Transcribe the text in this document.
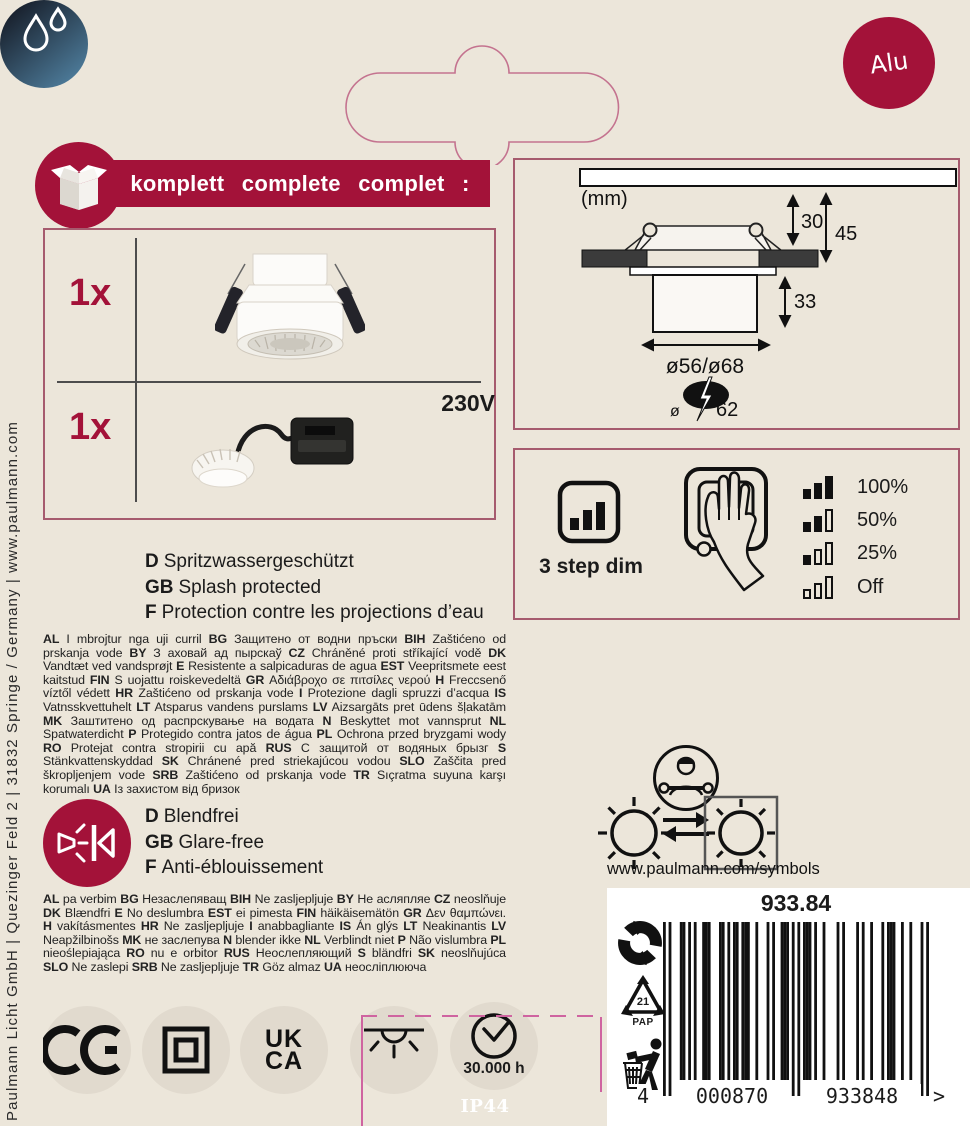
Alu
komplett complete complet :
1x
1x
230V
(mm)
30
45
33
ø56/ø68
ø 62
3 step dim
100%
50%
25%
Off
IP44
D Spritzwassergeschützt
GB Splash protected
F Protection contre les projections d’eau
AL I mbrojtur nga uji curril BG Защитено от водни пръски BIH Zaštićeno od prskanja vode BY З аховай ад пырскаў CZ Chráněné proti stříkající vodě DK Vandtæt ved vandsprøjt E Resistente a salpicaduras de agua EST Veepritsmete eest kaitstud FIN S uojattu roiskevedeltä GR Αδιάβροχο σε πιτσίλες νερού H Freccsenő víztől védett HR Zaštićeno od prskanja vode I Protezione dagli spruzzi d’acqua IS Vatnsskvettuhelt LT Atsparus vandens purslams LV Aizsargāts pret ūdens šļakatām MK Заштитено од распрскување на водата N Beskyttet mot vannsprut NL Spatwaterdicht P Protegido contra jatos de água PL Ochrona przed bryzgami wody RO Protejat contra stropirii cu apă RUS С защитой от водяных брызг S Stänkvattenskyddad SK Chránené pred striekajúcou vodou SLO Zaščita pred škropljenjem vode SRB Zaštićeno od prskanja vode TR Sıçratma suyuna karşı korumalı UA Із захистом від бризок
D Blendfrei
GB Glare-free
F Anti-éblouissement
AL pa verbim BG Незаслепяващ BIH Ne zasljepljuje BY Не асляпляе CZ neoslňuje DK Blændfri E No deslumbra EST ei pimesta FIN häikäisemätön GR Δεν θαμπώνει. H vakításmentes HR Ne zasljepljuje I anabbagliante IS Án glýs LT Neakinantis LV Neapžilbinošs MK не заслепува N blender ikke NL Verblindt niet P Não vislumbra PL nieoślepiająca RO nu e orbitor RUS Неослепляющий S bländfri SK neoslňujúca SLO Ne zaslepi SRB Ne zasljepljuje TR Göz almaz UA неосліплююча
www.paulmann.com/symbols
UK
CA	30.000 h
933.84
21
PAP
4	000870	933848	>
Paulmann Licht GmbH | Quezinger Feld 2 | 31832 Springe / Germany | www.paulmann.com
